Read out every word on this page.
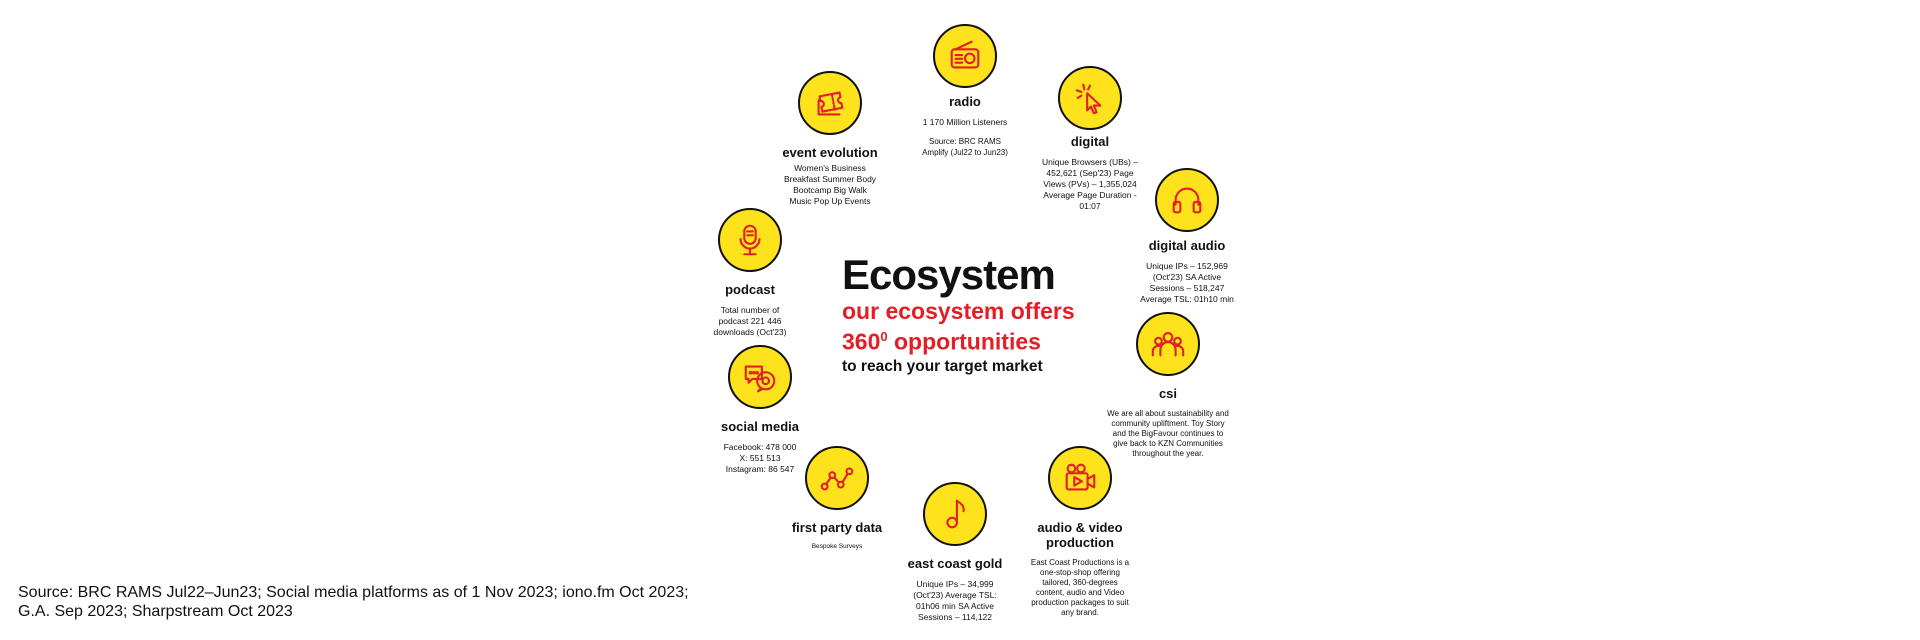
Ecosystem
our ecosystem offers
$360^0$ opportunities
to reach your target market
radio
1 170 Million Listeners
Source: BRC RAMS
Amplify (Jul22 to Jun23)
digital
Unique Browsers (UBs) –
452,621 (Sep'23) Page
Views (PVs) – 1,355,024
Average Page Duration -
01:07
event evolution
Women's Business
Breakfast Summer Body
Bootcamp Big Walk
Music Pop Up Events
digital audio
Unique IPs – 152,969
(Oct'23) SA Active
Sessions – 518,247
Average TSL: 01h10 min
podcast
Total number of
podcast 221 446
downloads (Oct'23)
csi
We are all about sustainability and
community upliftment. Toy Story
and the BigFavour continues to
give back to KZN Communities
throughout the year.
social media
Facebook: 478 000
X: 551 513
Instagram: 86 547
first party data
Bespoke Surveys
audio & video
production
East Coast Productions is a
one-stop-shop offering
tailored, 360-degrees
content, audio and Video
production packages to suit
any brand.
east coast gold
Unique IPs – 34,999
(Oct'23) Average TSL:
01h06 min SA Active
Sessions – 114,122
Source: BRC RAMS Jul22–Jun23; Social media platforms as of 1 Nov 2023; iono.fm Oct 2023;
G.A. Sep 2023; Sharpstream Oct 2023
